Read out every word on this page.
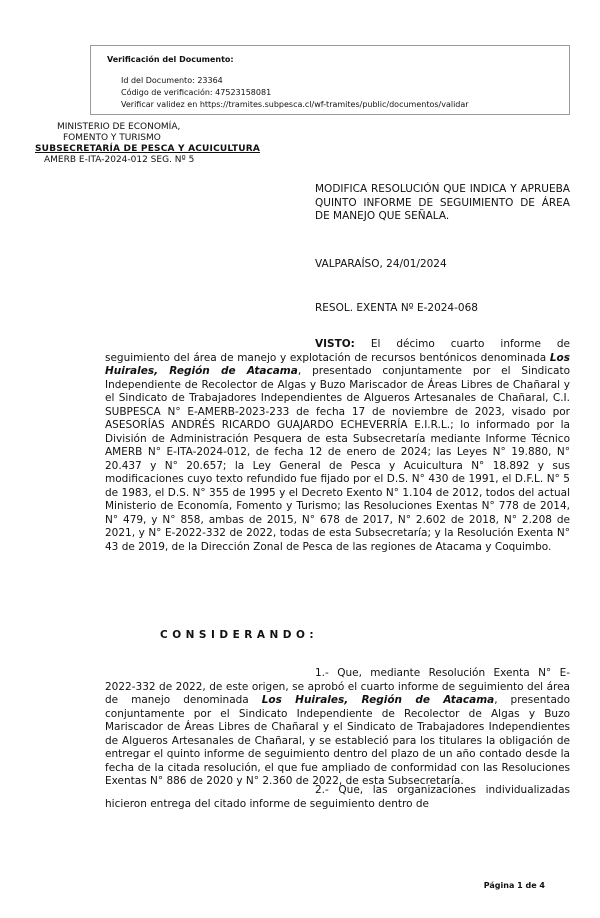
Verificación del Documento:
• Id del Documento: 23364
• Código de verificación: 47523158081
• Verificar validez en https://tramites.subpesca.cl/wf-tramites/public/documentos/validar
MINISTERIO DE ECONOMÍA,
FOMENTO Y TURISMO
SUBSECRETARÍA DE PESCA Y ACUICULTURA
AMERB E-ITA-2024-012 SEG. Nº 5
MODIFICA RESOLUCIÓN QUE INDICA Y APRUEBA QUINTO INFORME DE SEGUIMIENTO DE ÁREA DE MANEJO QUE SEÑALA.
VALPARAÍSO, 24/01/2024
RESOL. EXENTA Nº E-2024-068
VISTO: El décimo cuarto informe de seguimiento del área de manejo y explotación de recursos bentónicos denominada Los Huirales, Región de Atacama, presentado conjuntamente por el Sindicato Independiente de Recolector de Algas y Buzo Mariscador de Áreas Libres de Chañaral y el Sindicato de Trabajadores Independientes de Algueros Artesanales de Chañaral, C.I. SUBPESCA N° E-AMERB-2023-233 de fecha 17 de noviembre de 2023, visado por ASESORÍAS ANDRÉS RICARDO GUAJARDO ECHEVERRÍA E.I.R.L.; lo informado por la División de Administración Pesquera de esta Subsecretaría mediante Informe Técnico AMERB N° E-ITA-2024-012, de fecha 12 de enero de 2024; las Leyes N° 19.880, N° 20.437 y N° 20.657; la Ley General de Pesca y Acuicultura N° 18.892 y sus modificaciones cuyo texto refundido fue fijado por el D.S. N° 430 de 1991, el D.F.L. N° 5 de 1983, el D.S. N° 355 de 1995 y el Decreto Exento N° 1.104 de 2012, todos del actual Ministerio de Economía, Fomento y Turismo; las Resoluciones Exentas N° 778 de 2014, N° 479, y N° 858, ambas de 2015, N° 678 de 2017, N° 2.602 de 2018, N° 2.208 de 2021, y N° E-2022-332 de 2022, todas de esta Subsecretaría; y la Resolución Exenta N° 43 de 2019, de la Dirección Zonal de Pesca de las regiones de Atacama y Coquimbo.
CONSIDERANDO:
1.- Que, mediante Resolución Exenta N° E-2022-332 de 2022, de este origen, se aprobó el cuarto informe de seguimiento del área de manejo denominada Los Huirales, Región de Atacama, presentado conjuntamente por el Sindicato Independiente de Recolector de Algas y Buzo Mariscador de Áreas Libres de Chañaral y el Sindicato de Trabajadores Independientes de Algueros Artesanales de Chañaral, y se estableció para los titulares la obligación de entregar el quinto informe de seguimiento dentro del plazo de un año contado desde la fecha de la citada resolución, el que fue ampliado de conformidad con las Resoluciones Exentas N° 886 de 2020 y N° 2.360 de 2022, de esta Subsecretaría.
2.- Que, las organizaciones individualizadas hicieron entrega del citado informe de seguimiento dentro de
Página 1 de 4
